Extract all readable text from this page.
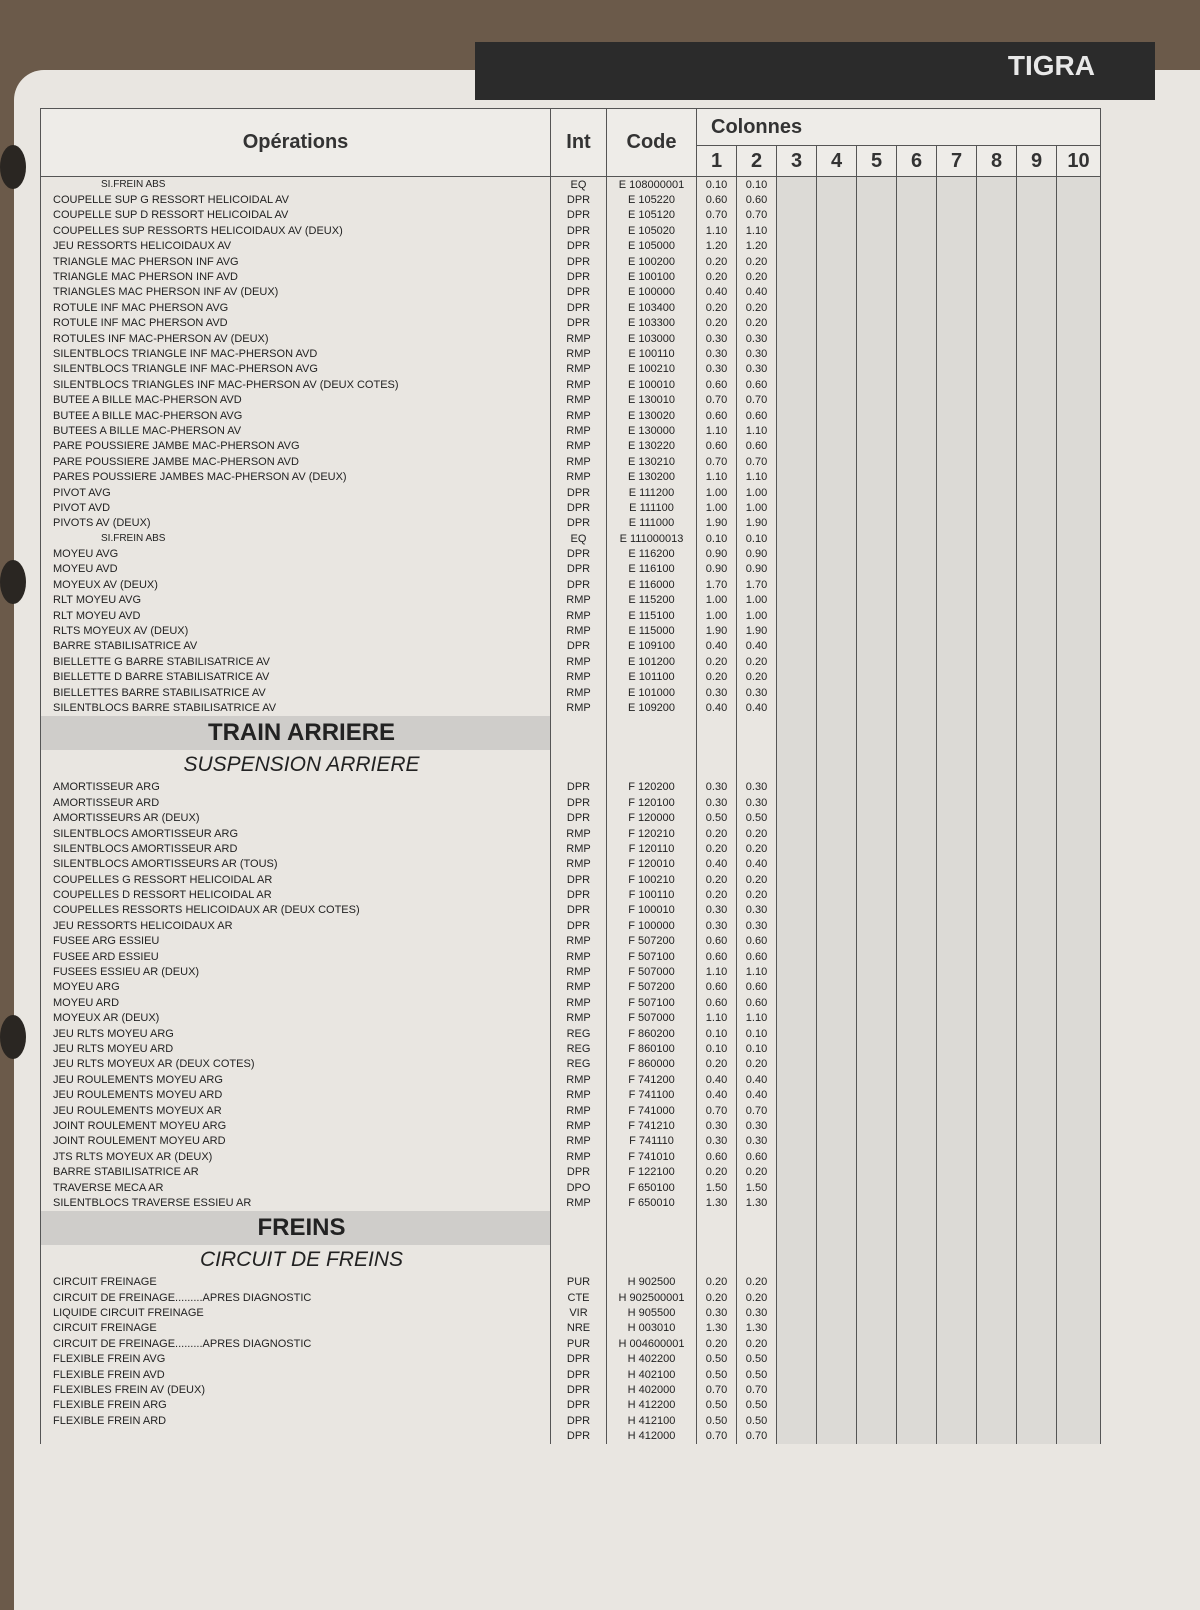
TIGRA
Opérations	Int	Code	Colonnes									
			1	2	3	4	5	6	7	8	9	10
SI.FREIN ABS	EQ	E 108000001	0.10	0.10								
COUPELLE SUP G RESSORT HELICOIDAL AV	DPR	E 105220	0.60	0.60								
COUPELLE SUP D RESSORT HELICOIDAL AV	DPR	E 105120	0.70	0.70								
COUPELLES SUP RESSORTS HELICOIDAUX AV (DEUX)	DPR	E 105020	1.10	1.10								
JEU RESSORTS HELICOIDAUX AV	DPR	E 105000	1.20	1.20								
TRIANGLE MAC PHERSON INF AVG	DPR	E 100200	0.20	0.20								
TRIANGLE MAC PHERSON INF AVD	DPR	E 100100	0.20	0.20								
TRIANGLES MAC PHERSON INF AV (DEUX)	DPR	E 100000	0.40	0.40								
ROTULE INF MAC PHERSON AVG	DPR	E 103400	0.20	0.20								
ROTULE INF MAC PHERSON AVD	DPR	E 103300	0.20	0.20								
ROTULES INF MAC-PHERSON AV (DEUX)	RMP	E 103000	0.30	0.30								
SILENTBLOCS TRIANGLE INF MAC-PHERSON AVD	RMP	E 100110	0.30	0.30								
SILENTBLOCS TRIANGLE INF MAC-PHERSON AVG	RMP	E 100210	0.30	0.30								
SILENTBLOCS TRIANGLES INF MAC-PHERSON AV (DEUX COTES)	RMP	E 100010	0.60	0.60								
BUTEE A BILLE MAC-PHERSON AVD	RMP	E 130010	0.70	0.70								
BUTEE A BILLE MAC-PHERSON AVG	RMP	E 130020	0.60	0.60								
BUTEES A BILLE MAC-PHERSON AV	RMP	E 130000	1.10	1.10								
PARE POUSSIERE JAMBE MAC-PHERSON AVG	RMP	E 130220	0.60	0.60								
PARE POUSSIERE JAMBE MAC-PHERSON AVD	RMP	E 130210	0.70	0.70								
PARES POUSSIERE JAMBES MAC-PHERSON AV (DEUX)	RMP	E 130200	1.10	1.10								
PIVOT AVG	DPR	E 111200	1.00	1.00								
PIVOT AVD	DPR	E 111100	1.00	1.00								
PIVOTS AV (DEUX)	DPR	E 111000	1.90	1.90								
SI.FREIN ABS	EQ	E 111000013	0.10	0.10								
MOYEU AVG	DPR	E 116200	0.90	0.90								
MOYEU AVD	DPR	E 116100	0.90	0.90								
MOYEUX AV (DEUX)	DPR	E 116000	1.70	1.70								
RLT MOYEU AVG	RMP	E 115200	1.00	1.00								
RLT MOYEU AVD	RMP	E 115100	1.00	1.00								
RLTS MOYEUX AV (DEUX)	RMP	E 115000	1.90	1.90								
BARRE STABILISATRICE AV	DPR	E 109100	0.40	0.40								
BIELLETTE G BARRE STABILISATRICE AV	RMP	E 101200	0.20	0.20								
BIELLETTE D BARRE STABILISATRICE AV	RMP	E 101100	0.20	0.20								
BIELLETTES BARRE STABILISATRICE AV	RMP	E 101000	0.30	0.30								
SILENTBLOCS BARRE STABILISATRICE AV	RMP	E 109200	0.40	0.40								
TRAIN ARRIERE												
SUSPENSION ARRIERE												
AMORTISSEUR ARG	DPR	F 120200	0.30	0.30								
AMORTISSEUR ARD	DPR	F 120100	0.30	0.30								
AMORTISSEURS AR (DEUX)	DPR	F 120000	0.50	0.50								
SILENTBLOCS AMORTISSEUR ARG	RMP	F 120210	0.20	0.20								
SILENTBLOCS AMORTISSEUR ARD	RMP	F 120110	0.20	0.20								
SILENTBLOCS AMORTISSEURS AR (TOUS)	RMP	F 120010	0.40	0.40								
COUPELLES G RESSORT HELICOIDAL AR	DPR	F 100210	0.20	0.20								
COUPELLES D RESSORT HELICOIDAL AR	DPR	F 100110	0.20	0.20								
COUPELLES RESSORTS HELICOIDAUX AR (DEUX COTES)	DPR	F 100010	0.30	0.30								
JEU RESSORTS HELICOIDAUX AR	DPR	F 100000	0.30	0.30								
FUSEE ARG ESSIEU	RMP	F 507200	0.60	0.60								
FUSEE ARD ESSIEU	RMP	F 507100	0.60	0.60								
FUSEES ESSIEU AR (DEUX)	RMP	F 507000	1.10	1.10								
MOYEU ARG	RMP	F 507200	0.60	0.60								
MOYEU ARD	RMP	F 507100	0.60	0.60								
MOYEUX AR (DEUX)	RMP	F 507000	1.10	1.10								
JEU RLTS MOYEU ARG	REG	F 860200	0.10	0.10								
JEU RLTS MOYEU ARD	REG	F 860100	0.10	0.10								
JEU RLTS MOYEUX AR (DEUX COTES)	REG	F 860000	0.20	0.20								
JEU ROULEMENTS MOYEU ARG	RMP	F 741200	0.40	0.40								
JEU ROULEMENTS MOYEU ARD	RMP	F 741100	0.40	0.40								
JEU ROULEMENTS MOYEUX AR	RMP	F 741000	0.70	0.70								
JOINT ROULEMENT MOYEU ARG	RMP	F 741210	0.30	0.30								
JOINT ROULEMENT MOYEU ARD	RMP	F 741110	0.30	0.30								
JTS RLTS MOYEUX AR (DEUX)	RMP	F 741010	0.60	0.60								
BARRE STABILISATRICE AR	DPR	F 122100	0.20	0.20								
TRAVERSE MECA AR	DPO	F 650100	1.50	1.50								
SILENTBLOCS TRAVERSE ESSIEU AR	RMP	F 650010	1.30	1.30								
FREINS												
CIRCUIT DE FREINS												
CIRCUIT FREINAGE	PUR	H 902500	0.20	0.20								
CIRCUIT DE FREINAGE.........APRES DIAGNOSTIC	CTE	H 902500001	0.20	0.20								
LIQUIDE CIRCUIT FREINAGE	VIR	H 905500	0.30	0.30								
CIRCUIT FREINAGE	NRE	H 003010	1.30	1.30								
CIRCUIT DE FREINAGE.........APRES DIAGNOSTIC	PUR	H 004600001	0.20	0.20								
FLEXIBLE FREIN AVG	DPR	H 402200	0.50	0.50								
FLEXIBLE FREIN AVD	DPR	H 402100	0.50	0.50								
FLEXIBLES FREIN AV (DEUX)	DPR	H 402000	0.70	0.70								
FLEXIBLE FREIN ARG	DPR	H 412200	0.50	0.50								
FLEXIBLE FREIN ARD	DPR	H 412100	0.50	0.50								
	DPR	H 412000	0.70	0.70								
